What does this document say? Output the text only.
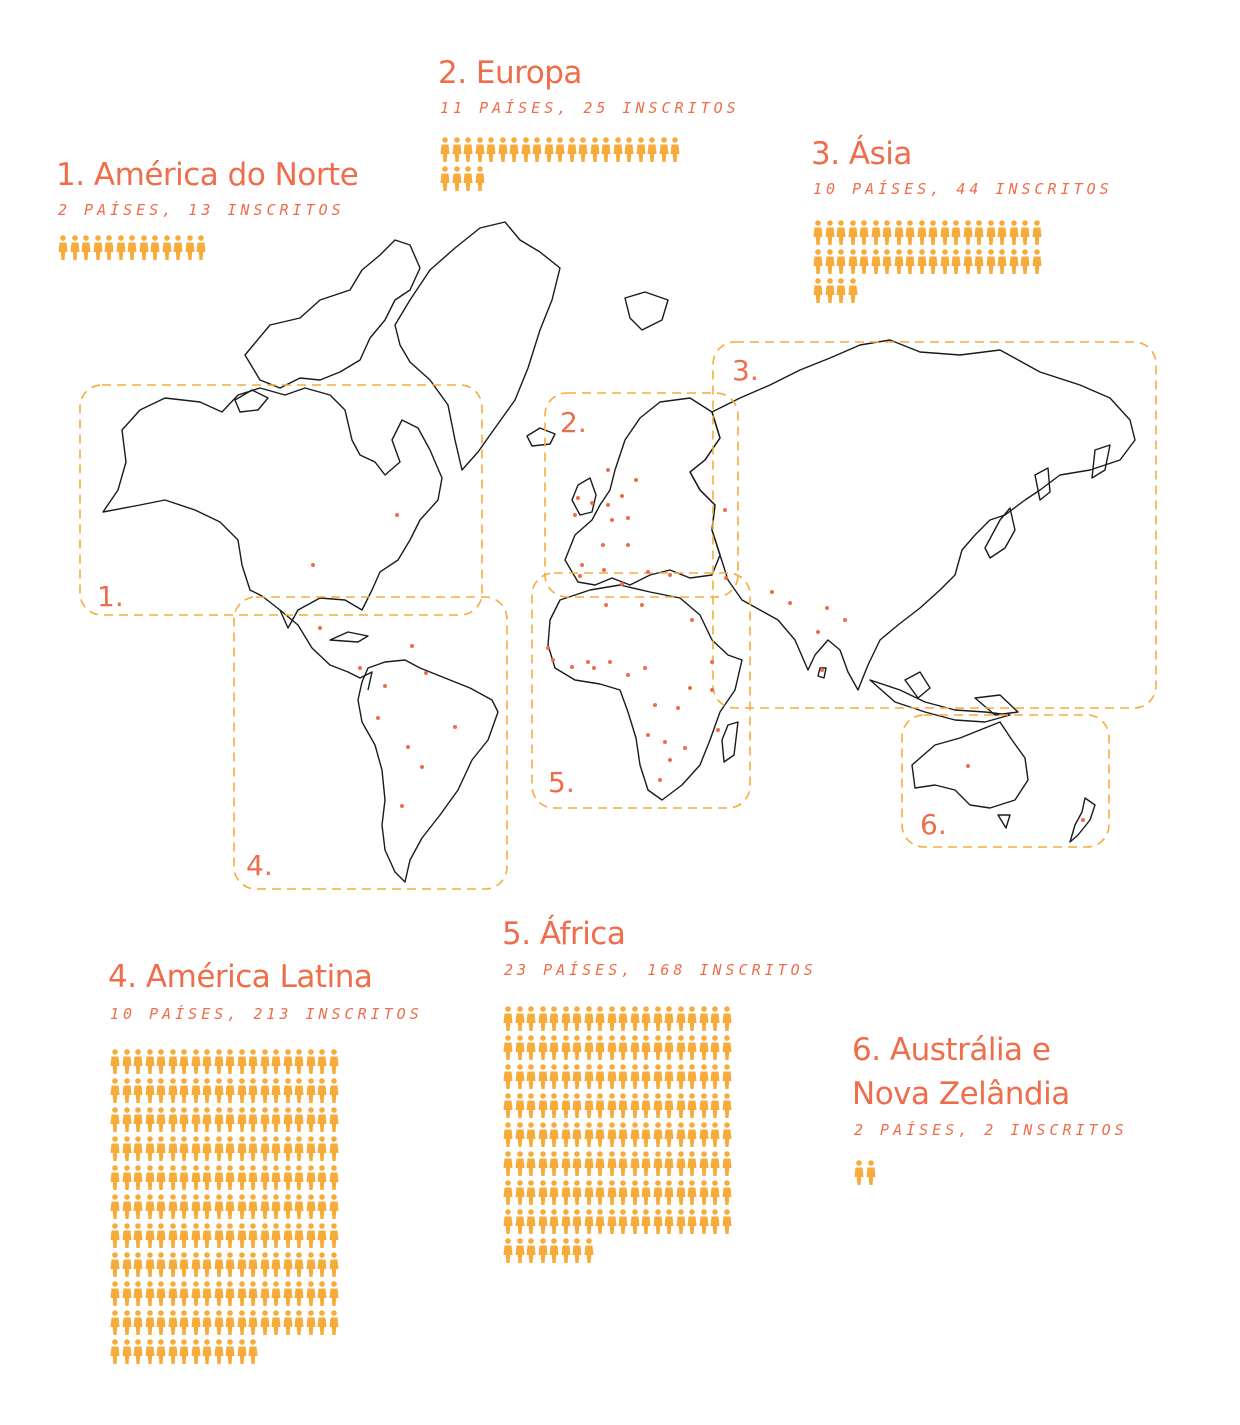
1.
2.
3.
4.
5.
6.
1. América do Norte
2 PAÍSES, 13 INSCRITOS
2. Europa
11 PAÍSES, 25 INSCRITOS
3. Ásia
10 PAÍSES, 44 INSCRITOS
4. América Latina
10 PAÍSES, 213 INSCRITOS
5. África
23 PAÍSES, 168 INSCRITOS
6. Austrália e
Nova Zelândia
2 PAÍSES, 2 INSCRITOS
